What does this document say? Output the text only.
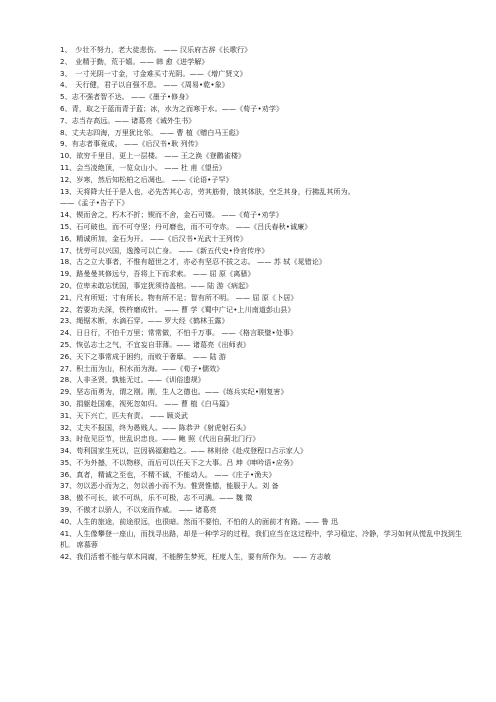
1、　少壮不努力，老大徒悲伤。 —— 汉乐府古辞《长歌行》
2、　业精于勤，荒于嬉。—— 韩 愈《进学解》
3、　一寸光阴一寸金，寸金难买寸光阴。——《增广贤文》
4、　天行健，君子以自强不息。 ——《周易•乾•象》
5、志不强者智不达。 ——《墨子•修身》
6、青，取之于蓝而青于蓝；冰，水为之而寒于水。——《荀子•劝学》
7、志当存高远。—— 诸葛亮《诫外生书》
8、丈夫志四海，万里犹比邻。 —— 曹 植《赠白马王彪》
9、有志者事竟成。 ——《后汉书•耿 列传》
10、欲穷千里目，更上一层楼。 —— 王之涣《登鹳雀楼》
11、会当凌绝顶，一览众山小。 —— 杜 甫《望岳》
12、岁寒，然后知松柏之后凋也。 ——《论语•子罕》
13、天将降大任于是人也，必先苦其心志，劳其筋骨，饿其体肤，空乏其身，行拂乱其所为。
——《孟子•告子下》
14、锲而舍之，朽木不折；锲而不舍，金石可镂。 ——《荀子•劝学》
15、石可破也，而不可夺坚；丹可磨也，而不可夺赤。 ——《吕氏春秋•诚廉》
16、精诚所加，金石为开。 ——《后汉书•光武十王列传》
17、忧劳可以兴国，逸豫可以亡身。 ——《新五代史•伶官传序》
18、古之立大事者，不惟有超世之才，亦必有坚忍不拔之志。 —— 苏 轼《晁错论》
19、路曼曼其修远兮，吾将上下而求索。 —— 屈 原《离骚》
20、位卑未敢忘忧国，事定犹须待盖棺。—— 陆 游《病起》
21、尺有所短；寸有所长。物有所不足；智有所不明。 —— 屈 原《卜居》
22、若要功夫深，铁杵磨成针。 —— 曹 学《蜀中广记•上川南道彭山县》
23、绳锯木断，水滴石穿。—— 罗大经《鹤林玉露》
24、日日行，不怕千万里；常常做，不怕千万事。 ——《格言联璧•处事》
25、恢弘志士之气，不宜妄自菲薄。—— 诸葛亮《出师表》
26、天下之事常成于困约，而败于奢靡。 —— 陆 游
27、积土而为山，积水而为海。——《荀子•儒效》
28、人非圣贤，孰能无过。——《训俗遗规》
29、坚志而勇为，谓之刚。刚，生人之德也。——《练兵实纪•刚复害》
30、捐躯赴国难，视死忽如归。 —— 曹 植《白马篇》
31、天下兴亡，匹夫有责。 —— 顾炎武
32、丈夫不报国，终为愚贱人。—— 陈恭尹《射虎射石头》
33、时危见臣节，世乱识忠良。—— 鲍 照《代出自蓟北门行》
34、苟利国家生死以，岂因祸福避趋之。—— 林则徐《赴戍登程口占示家人》
35、不为外撼，不以物移，而后可以任天下之大事。吕 坤《呻吟语•应务》
36、真者，精诚之至也，不精不诚，不能动人。 ——《庄子•渔夫》
37、勿以恶小而为之，勿以善小而不为。惟贤惟德，能服于人。刘 备
38、傲不可长，欲不可纵，乐不可极，志不可满。—— 魏 徵
39、不傲才以骄人，不以宠而作威。 —— 诸葛亮
40、人生的旅途，前途很远，也很暗。然而不要怕，不怕的人的面前才有路。—— 鲁 迅
41、人生像攀登一座山，而找寻出路，却是一种学习的过程，我们应当在这过程中，学习稳定、冷静，学习如何从慌乱中找到生机。 席慕蓉
42、我们活着不能与草木同腐，不能醉生梦死，枉度人生，要有所作为。 —— 方志敏
